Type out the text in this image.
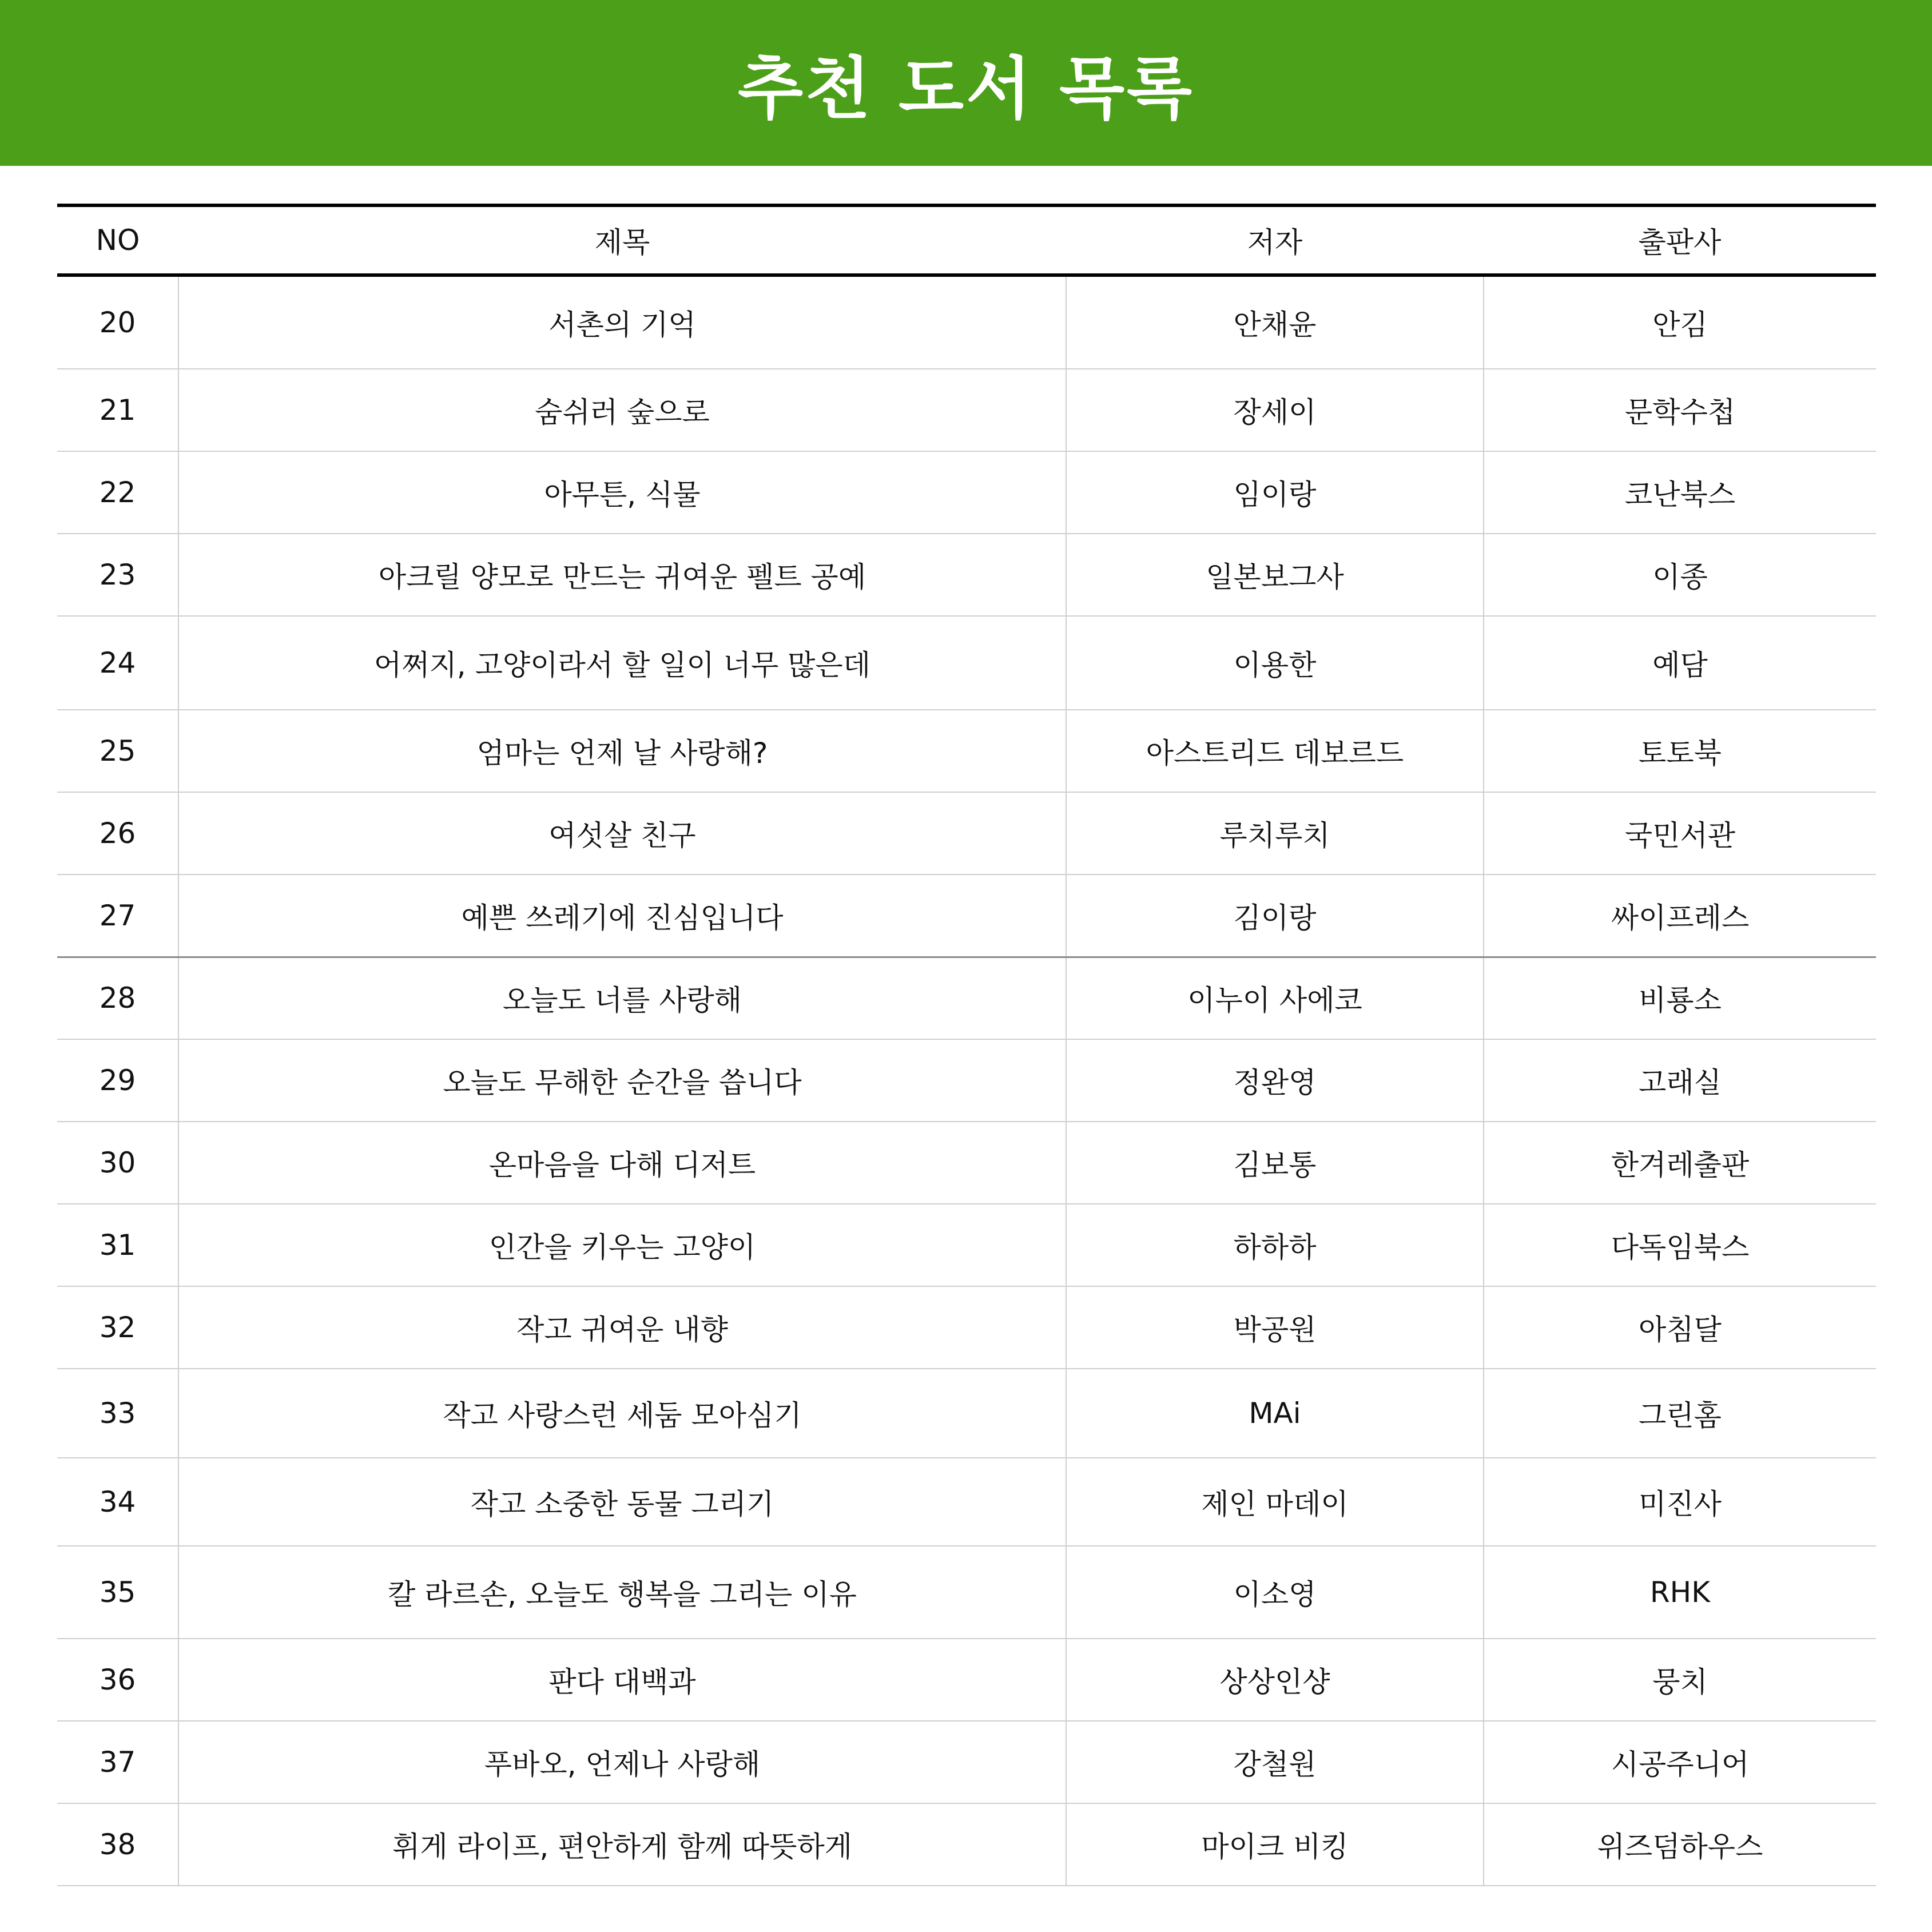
추천 도서 목록
NO	제목	저자	출판사
20	서촌의 기억	안채윤	안김
21	숨쉬러 숲으로	장세이	문학수첩
22	아무튼, 식물	임이랑	코난북스
23	아크릴 양모로 만드는 귀여운 펠트 공예	일본보그사	이종
24	어쩌지, 고양이라서 할 일이 너무 많은데	이용한	예담
25	엄마는 언제 날 사랑해?	아스트리드 데보르드	토토북
26	여섯살 친구	루치루치	국민서관
27	예쁜 쓰레기에 진심입니다	김이랑	싸이프레스
28	오늘도 너를 사랑해	이누이 사에코	비룡소
29	오늘도 무해한 순간을 씁니다	정완영	고래실
30	온마음을 다해 디저트	김보통	한겨레출판
31	인간을 키우는 고양이	하하하	다독임북스
32	작고 귀여운 내향	박공원	아침달
33	작고 사랑스런 세둠 모아심기	MAi	그린홈
34	작고 소중한 동물 그리기	제인 마데이	미진사
35	칼 라르손, 오늘도 행복을 그리는 이유	이소영	RHK
36	판다 대백과	상상인샹	뭉치
37	푸바오, 언제나 사랑해	강철원	시공주니어
38	휘게 라이프, 편안하게 함께 따뜻하게	마이크 비킹	위즈덤하우스
